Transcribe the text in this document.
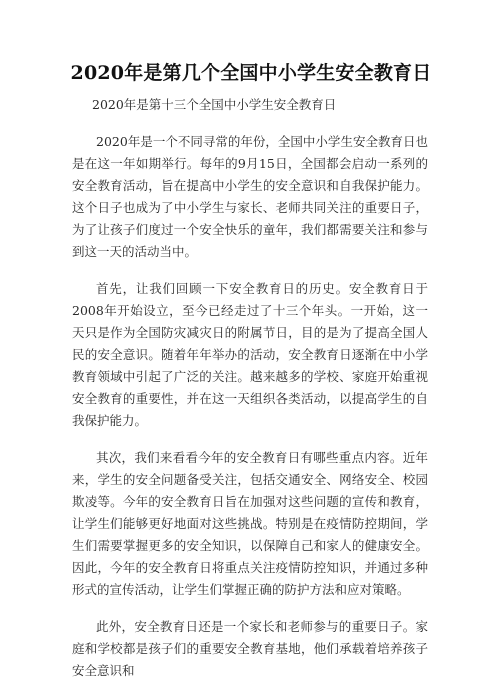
2020年是第几个全国中小学生安全教育日

2020年是第十三个全国中小学生安全教育日

2020年是一个不同寻常的年份，全国中小学生安全教育日也是在这一年如期举行。每年的9月15日，全国都会启动一系列的安全教育活动，旨在提高中小学生的安全意识和自我保护能力。这个日子也成为了中小学生与家长、老师共同关注的重要日子，为了让孩子们度过一个安全快乐的童年，我们都需要关注和参与到这一天的活动当中。

首先，让我们回顾一下安全教育日的历史。安全教育日于2008年开始设立，至今已经走过了十三个年头。一开始，这一天只是作为全国防灾减灾日的附属节日，目的是为了提高全国人民的安全意识。随着年年举办的活动，安全教育日逐渐在中小学教育领域中引起了广泛的关注。越来越多的学校、家庭开始重视安全教育的重要性，并在这一天组织各类活动，以提高学生的自我保护能力。

其次，我们来看看今年的安全教育日有哪些重点内容。近年来，学生的安全问题备受关注，包括交通安全、网络安全、校园欺凌等。今年的安全教育日旨在加强对这些问题的宣传和教育，让学生们能够更好地面对这些挑战。特别是在疫情防控期间，学生们需要掌握更多的安全知识，以保障自己和家人的健康安全。因此，今年的安全教育日将重点关注疫情防控知识，并通过多种形式的宣传活动，让学生们掌握正确的防护方法和应对策略。

此外，安全教育日还是一个家长和老师参与的重要日子。家庭和学校都是孩子们的重要安全教育基地，他们承载着培养孩子安全意识和
